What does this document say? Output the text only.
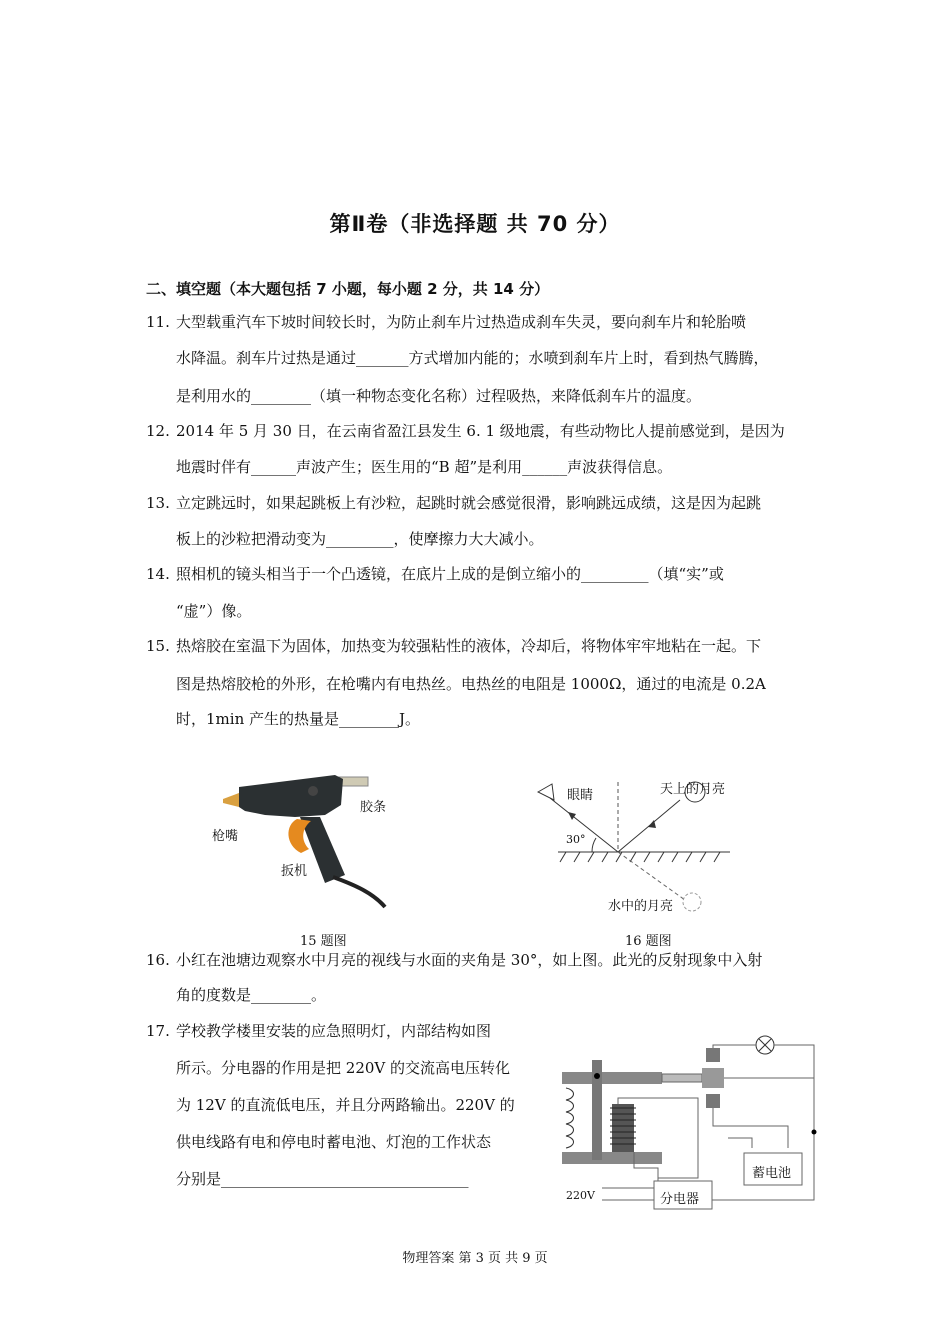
第Ⅱ卷（非选择题 共 70 分）
二、填空题（本大题包括 7 小题，每小题 2 分，共 14 分）
11. 大型载重汽车下坡时间较长时，为防止刹车片过热造成刹车失灵，要向刹车片和轮胎喷
水降温。刹车片过热是通过_______方式增加内能的；水喷到刹车片上时，看到热气腾腾，
是利用水的________（填一种物态变化名称）过程吸热，来降低刹车片的温度。
12. 2014 年 5 月 30 日，在云南省盈江县发生 6. 1 级地震，有些动物比人提前感觉到，是因为
地震时伴有______声波产生；医生用的“B 超”是利用______声波获得信息。
13. 立定跳远时，如果起跳板上有沙粒，起跳时就会感觉很滑，影响跳远成绩，这是因为起跳
板上的沙粒把滑动变为_________，使摩擦力大大减小。
14. 照相机的镜头相当于一个凸透镜，在底片上成的是倒立缩小的_________（填“实”或
“虚”）像。
15. 热熔胶在室温下为固体，加热变为较强粘性的液体，冷却后，将物体牢牢地粘在一起。下
图是热熔胶枪的外形，在枪嘴内有电热丝。电热丝的电阻是 1000Ω，通过的电流是 0.2A
时，1min 产生的热量是________J。
胶条
枪嘴
扳机
15 题图
眼睛	天上的月亮
30°
水中的月亮
16 题图
16. 小红在池塘边观察水中月亮的视线与水面的夹角是 30°，如上图。此光的反射现象中入射
角的度数是________。
17. 学校教学楼里安装的应急照明灯，内部结构如图
所示。分电器的作用是把 220V 的交流高电压转化
为 12V 的直流低电压，并且分两路输出。220V 的
供电线路有电和停电时蓄电池、灯泡的工作状态
分别是_________________________________	蓄电池
分电器
220V
物理答案 第 3 页 共 9 页
